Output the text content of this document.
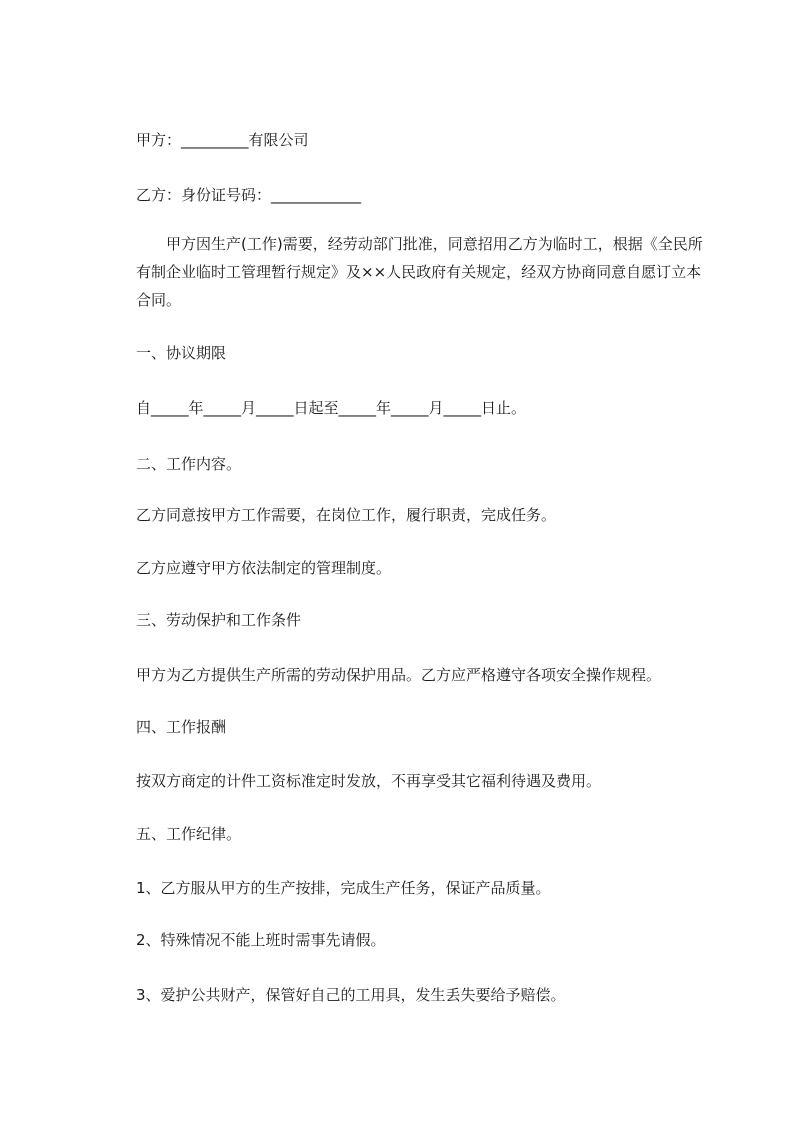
甲方：_________有限公司
乙方：身份证号码：____________
甲方因生产(工作)需要，经劳动部门批准，同意招用乙方为临时工，根据《全民所有制企业临时工管理暂行规定》及××人民政府有关规定，经双方协商同意自愿订立本合同。
一、协议期限
自_____年_____月_____日起至_____年_____月_____日止。
二、工作内容。
乙方同意按甲方工作需要，在岗位工作，履行职责，完成任务。
乙方应遵守甲方依法制定的管理制度。
三、劳动保护和工作条件
甲方为乙方提供生产所需的劳动保护用品。乙方应严格遵守各项安全操作规程。
四、工作报酬
按双方商定的计件工资标准定时发放，不再享受其它福利待遇及费用。
五、工作纪律。
1、乙方服从甲方的生产按排，完成生产任务，保证产品质量。
2、特殊情况不能上班时需事先请假。
3、爱护公共财产，保管好自己的工用具，发生丢失要给予赔偿。
